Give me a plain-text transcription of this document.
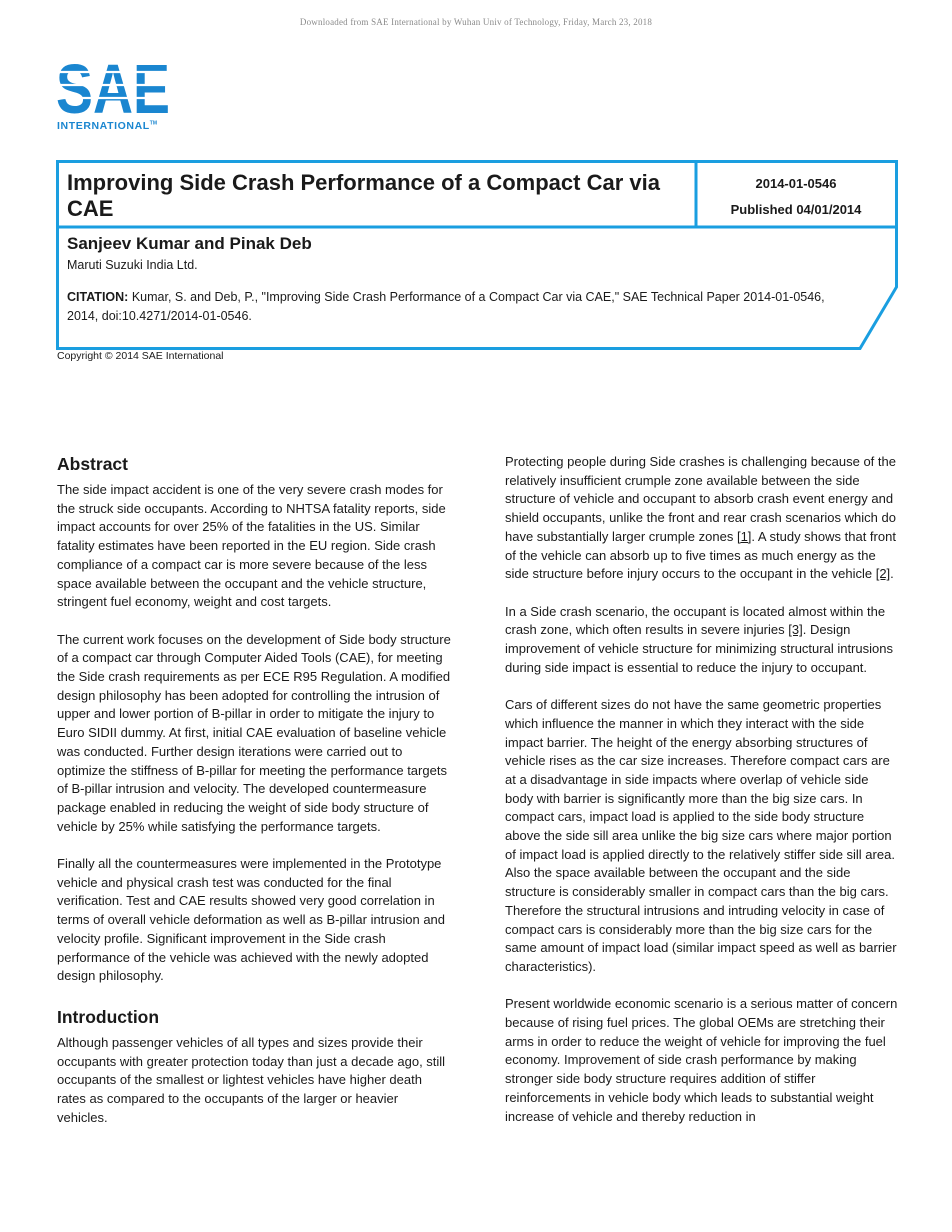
Downloaded from SAE International by Wuhan Univ of Technology, Friday, March 23, 2018
SAE
INTERNATIONAL™
Improving Side Crash Performance of a Compact Car via CAE
2014-01-0546
Published 04/01/2014
Sanjeev Kumar and Pinak Deb
Maruti Suzuki India Ltd.
CITATION: Kumar, S. and Deb, P., "Improving Side Crash Performance of a Compact Car via CAE," SAE Technical Paper 2014-01-0546, 2014, doi:10.4271/2014-01-0546.
Copyright © 2014 SAE International
Abstract

The side impact accident is one of the very severe crash modes for the struck side occupants. According to NHTSA fatality reports, side impact accounts for over 25% of the fatalities in the US. Similar fatality estimates have been reported in the EU region. Side crash compliance of a compact car is more severe because of the less space available between the occupant and the vehicle structure, stringent fuel economy, weight and cost targets.

The current work focuses on the development of Side body structure of a compact car through Computer Aided Tools (CAE), for meeting the Side crash requirements as per ECE R95 Regulation. A modified design philosophy has been adopted for controlling the intrusion of upper and lower portion of B-pillar in order to mitigate the injury to Euro SIDII dummy. At first, initial CAE evaluation of baseline vehicle was conducted. Further design iterations were carried out to optimize the stiffness of B-pillar for meeting the performance targets of B-pillar intrusion and velocity. The developed countermeasure package enabled in reducing the weight of side body structure of vehicle by 25% while satisfying the performance targets.

Finally all the countermeasures were implemented in the Prototype vehicle and physical crash test was conducted for the final verification. Test and CAE results showed very good correlation in terms of overall vehicle deformation as well as B-pillar intrusion and velocity profile. Significant improvement in the Side crash performance of the vehicle was achieved with the newly adopted design philosophy.

Introduction

Although passenger vehicles of all types and sizes provide their occupants with greater protection today than just a decade ago, still occupants of the smallest or lightest vehicles have higher death rates as compared to the occupants of the larger or heavier vehicles.

Protecting people during Side crashes is challenging because of the relatively insufficient crumple zone available between the side structure of vehicle and occupant to absorb crash event energy and shield occupants, unlike the front and rear crash scenarios which do have substantially larger crumple zones [1]. A study shows that front of the vehicle can absorb up to five times as much energy as the side structure before injury occurs to the occupant in the vehicle [2].

In a Side crash scenario, the occupant is located almost within the crash zone, which often results in severe injuries [3]. Design improvement of vehicle structure for minimizing structural intrusions during side impact is essential to reduce the injury to occupant.

Cars of different sizes do not have the same geometric properties which influence the manner in which they interact with the side impact barrier. The height of the energy absorbing structures of vehicle rises as the car size increases. Therefore compact cars are at a disadvantage in side impacts where overlap of vehicle side body with barrier is significantly more than the big size cars. In compact cars, impact load is applied to the side body structure above the side sill area unlike the big size cars where major portion of impact load is applied directly to the relatively stiffer side sill area. Also the space available between the occupant and the side structure is considerably smaller in compact cars than the big cars. Therefore the structural intrusions and intruding velocity in case of compact cars is considerably more than the big size cars for the same amount of impact load (similar impact speed as well as barrier characteristics).

Present worldwide economic scenario is a serious matter of concern because of rising fuel prices. The global OEMs are stretching their arms in order to reduce the weight of vehicle for improving the fuel economy. Improvement of side crash performance by making stronger side body structure requires addition of stiffer reinforcements in vehicle body which leads to substantial weight increase of vehicle and thereby reduction in
